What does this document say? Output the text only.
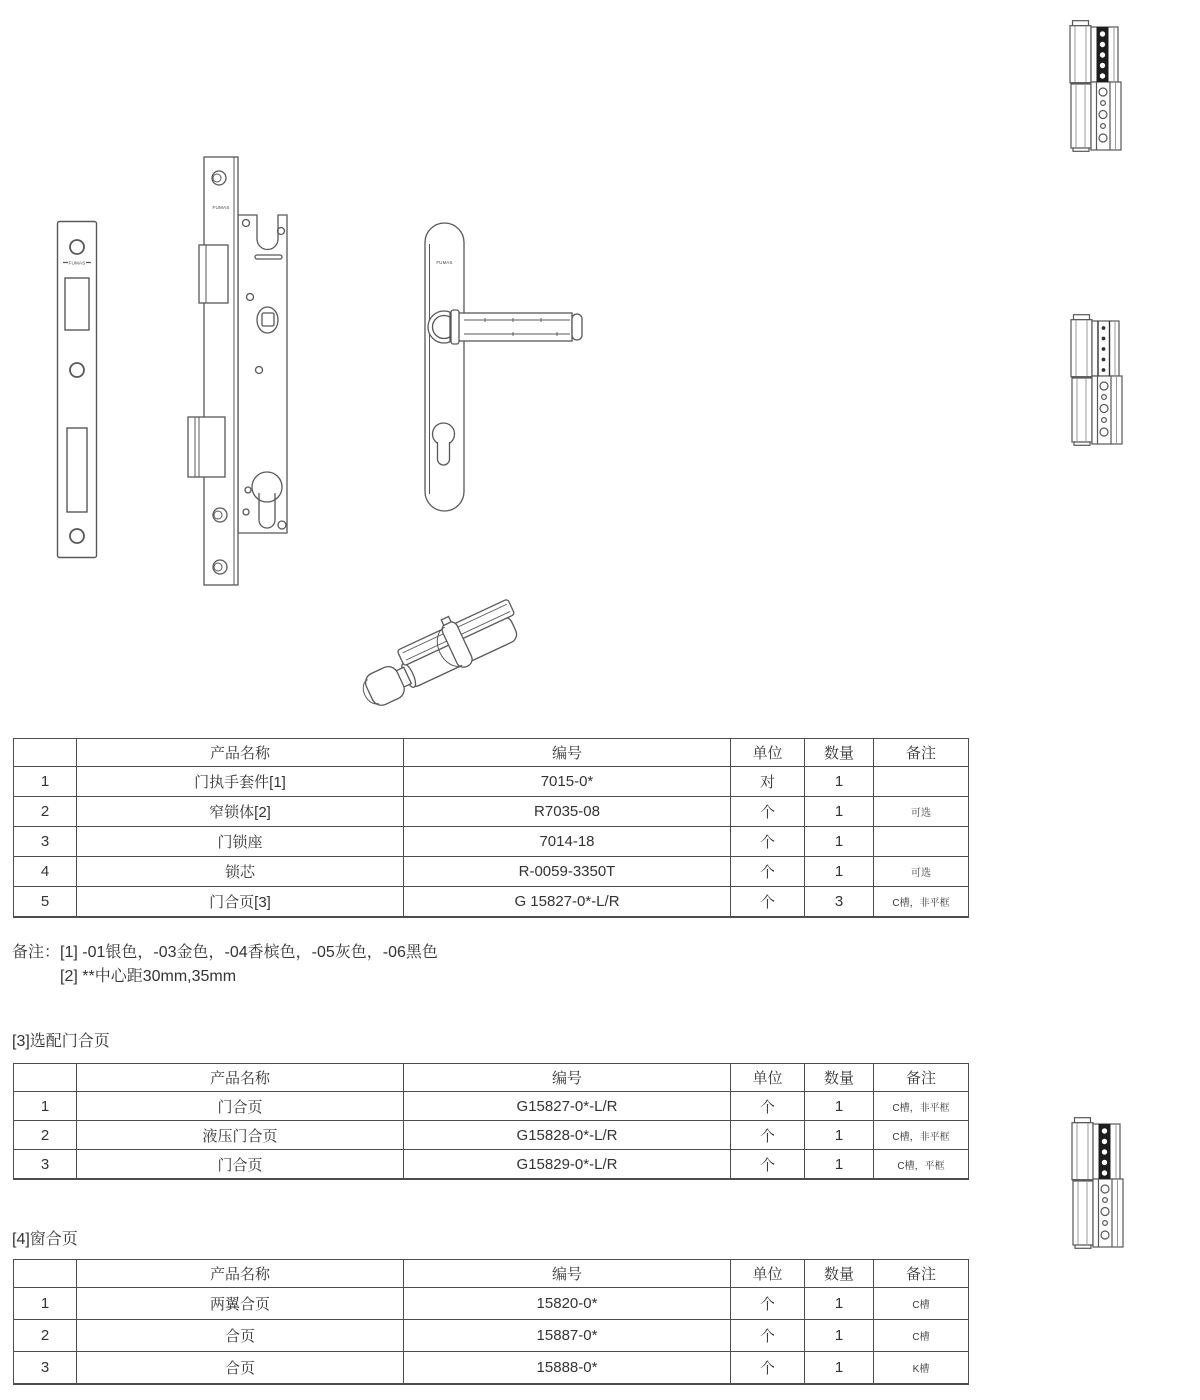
FUMAS
FUMAS
FUMAS
	产品名称	编号	单位	数量	备注
1	门执手套件[1]	7015-0*	对	1	
2	窄锁体[2]	R7035-08	个	1	可选
3	门锁座	7014-18	个	1	
4	锁芯	R-0059-3350T	个	1	可选
5	门合页[3]	G 15827-0*-L/R	个	3	C槽，非平框
备注： [1] -01银色，-03金色，-04香槟色，-05灰色，-06黑色
[2] **中心距30mm,35mm
[3]选配门合页
	产品名称	编号	单位	数量	备注
1	门合页	G15827-0*-L/R	个	1	C槽，非平框
2	液压门合页	G15828-0*-L/R	个	1	C槽，非平框
3	门合页	G15829-0*-L/R	个	1	C槽，平框
[4]窗合页
	产品名称	编号	单位	数量	备注
1	两翼合页	15820-0*	个	1	C槽
2	合页	15887-0*	个	1	C槽
3	合页	15888-0*	个	1	K槽
